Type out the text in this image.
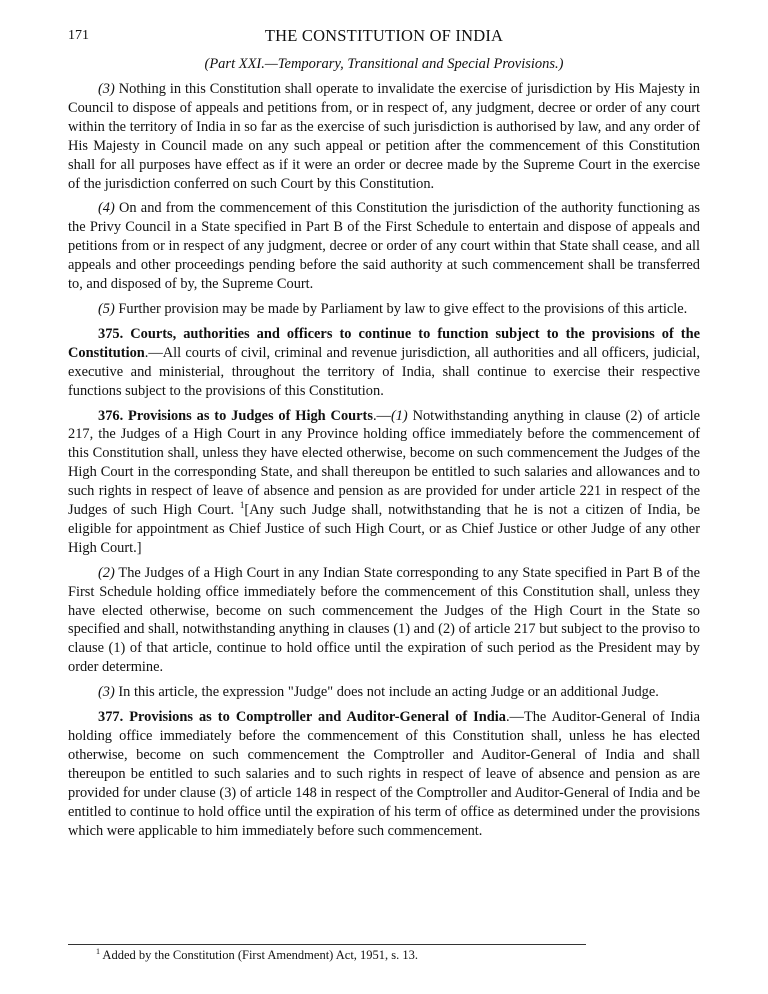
171	THE CONSTITUTION OF INDIA
(Part XXI.—Temporary, Transitional and Special Provisions.)

(3) Nothing in this Constitution shall operate to invalidate the exercise of jurisdiction by His Majesty in Council to dispose of appeals and petitions from, or in respect of, any judgment, decree or order of any court within the territory of India in so far as the exercise of such jurisdiction is authorised by law, and any order of His Majesty in Council made on any such appeal or petition after the commencement of this Constitution shall for all purposes have effect as if it were an order or decree made by the Supreme Court in the exercise of the jurisdiction conferred on such Court by this Constitution.

(4) On and from the commencement of this Constitution the jurisdiction of the authority functioning as the Privy Council in a State specified in Part B of the First Schedule to entertain and dispose of appeals and petitions from or in respect of any judgment, decree or order of any court within that State shall cease, and all appeals and other proceedings pending before the said authority at such commencement shall be transferred to, and disposed of by, the Supreme Court.

(5) Further provision may be made by Parliament by law to give effect to the provisions of this article.

375. Courts, authorities and officers to continue to function subject to the provisions of the Constitution.—All courts of civil, criminal and revenue jurisdiction, all authorities and all officers, judicial, executive and ministerial, throughout the territory of India, shall continue to exercise their respective functions subject to the provisions of this Constitution.

376. Provisions as to Judges of High Courts.—(1) Notwithstanding anything in clause (2) of article 217, the Judges of a High Court in any Province holding office immediately before the commencement of this Constitution shall, unless they have elected otherwise, become on such commencement the Judges of the High Court in the corresponding State, and shall thereupon be entitled to such salaries and allowances and to such rights in respect of leave of absence and pension as are provided for under article 221 in respect of the Judges of such High Court. $^1$[Any such Judge shall, notwithstanding that he is not a citizen of India, be eligible for appointment as Chief Justice of such High Court, or as Chief Justice or other Judge of any other High Court.]

(2) The Judges of a High Court in any Indian State corresponding to any State specified in Part B of the First Schedule holding office immediately before the commencement of this Constitution shall, unless they have elected otherwise, become on such commencement the Judges of the High Court in the State so specified and shall, notwithstanding anything in clauses (1) and (2) of article 217 but subject to the proviso to clause (1) of that article, continue to hold office until the expiration of such period as the President may by order determine.

(3) In this article, the expression "Judge" does not include an acting Judge or an additional Judge.

377. Provisions as to Comptroller and Auditor-General of India.—The Auditor-General of India holding office immediately before the commencement of this Constitution shall, unless he has elected otherwise, become on such commencement the Comptroller and Auditor-General of India and shall thereupon be entitled to such salaries and to such rights in respect of leave of absence and pension as are provided for under clause (3) of article 148 in respect of the Comptroller and Auditor-General of India and be entitled to continue to hold office until the expiration of his term of office as determined under the provisions which were applicable to him immediately before such commencement.

$^1$ Added by the Constitution (First Amendment) Act, 1951, s. 13.
